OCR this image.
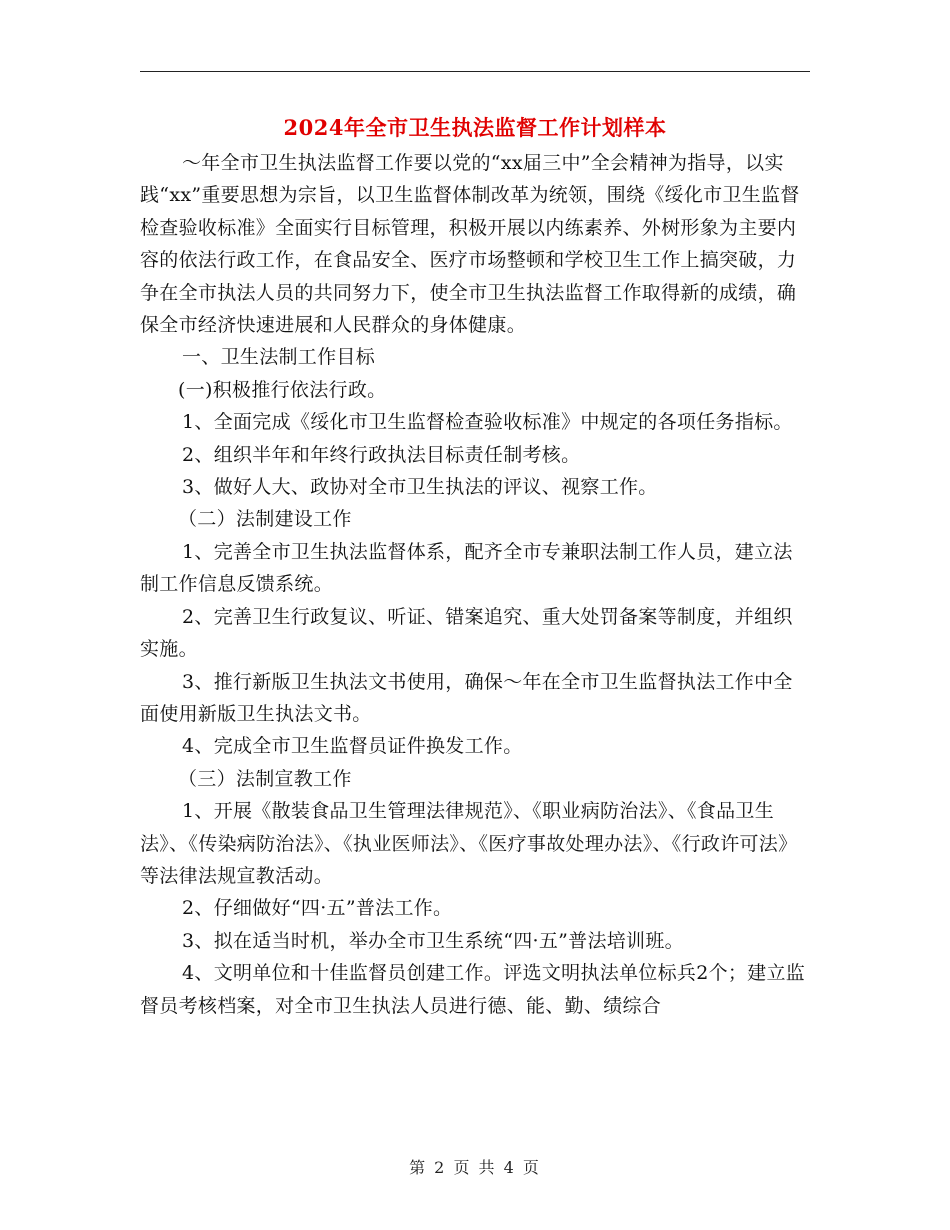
2024年全市卫生执法监督工作计划样本

～年全市卫生执法监督工作要以党的“xx届三中”全会精神为指导，以实践“xx”重要思想为宗旨，以卫生监督体制改革为统领，围绕《绥化市卫生监督检查验收标准》全面实行目标管理，积极开展以内练素养、外树形象为主要内容的依法行政工作，在食品安全、医疗市场整顿和学校卫生工作上搞突破，力争在全市执法人员的共同努力下，使全市卫生执法监督工作取得新的成绩，确保全市经济快速进展和人民群众的身体健康。

一、卫生法制工作目标

(一)积极推行依法行政。

1、全面完成《绥化市卫生监督检查验收标准》中规定的各项任务指标。

2、组织半年和年终行政执法目标责任制考核。

3、做好人大、政协对全市卫生执法的评议、视察工作。

（二）法制建设工作

1、完善全市卫生执法监督体系，配齐全市专兼职法制工作人员，建立法制工作信息反馈系统。

2、完善卫生行政复议、听证、错案追究、重大处罚备案等制度，并组织实施。

3、推行新版卫生执法文书使用，确保～年在全市卫生监督执法工作中全面使用新版卫生执法文书。

4、完成全市卫生监督员证件换发工作。

（三）法制宣教工作

1、开展《散装食品卫生管理法律规范》、《职业病防治法》、《食品卫生法》、《传染病防治法》、《执业医师法》、《医疗事故处理办法》、《行政许可法》等法律法规宣教活动。

2、仔细做好“四·五”普法工作。

3、拟在适当时机，举办全市卫生系统“四·五”普法培训班。

4、文明单位和十佳监督员创建工作。评选文明执法单位标兵2个；建立监督员考核档案，对全市卫生执法人员进行德、能、勤、绩综合

第 2 页 共 4 页
